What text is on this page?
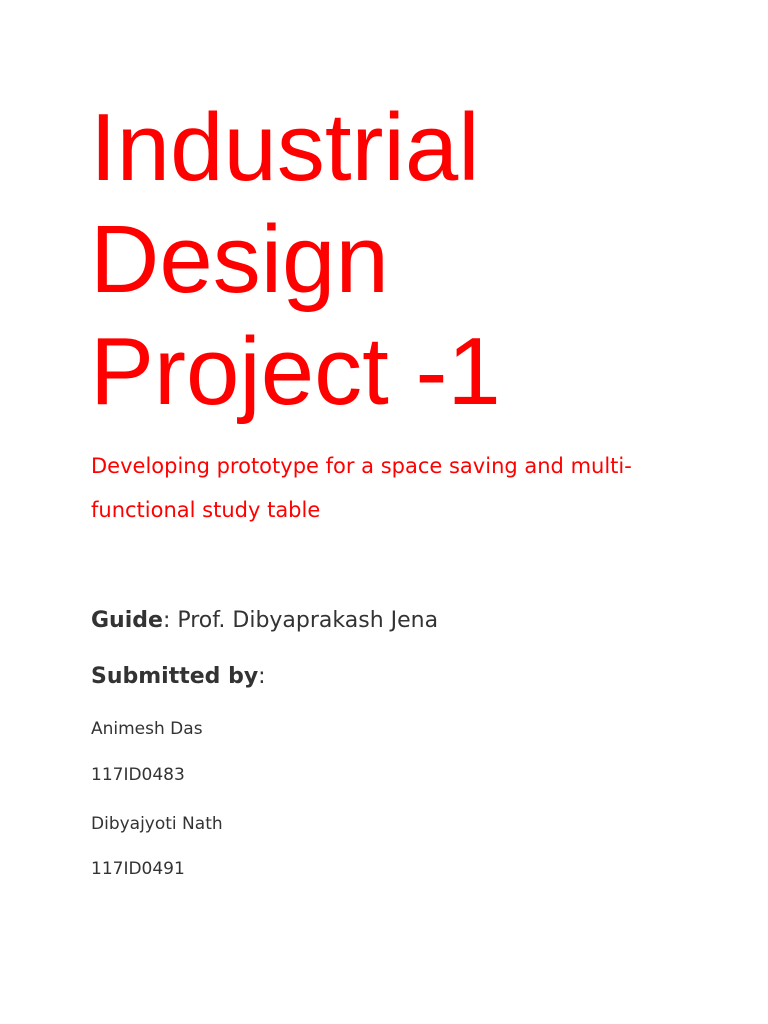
Industrial
Design
Project -1

Developing prototype for a space saving and multi-

functional study table

Guide: Prof. Dibyaprakash Jena

Submitted by:

Animesh Das

117ID0483

Dibyajyoti Nath

117ID0491
